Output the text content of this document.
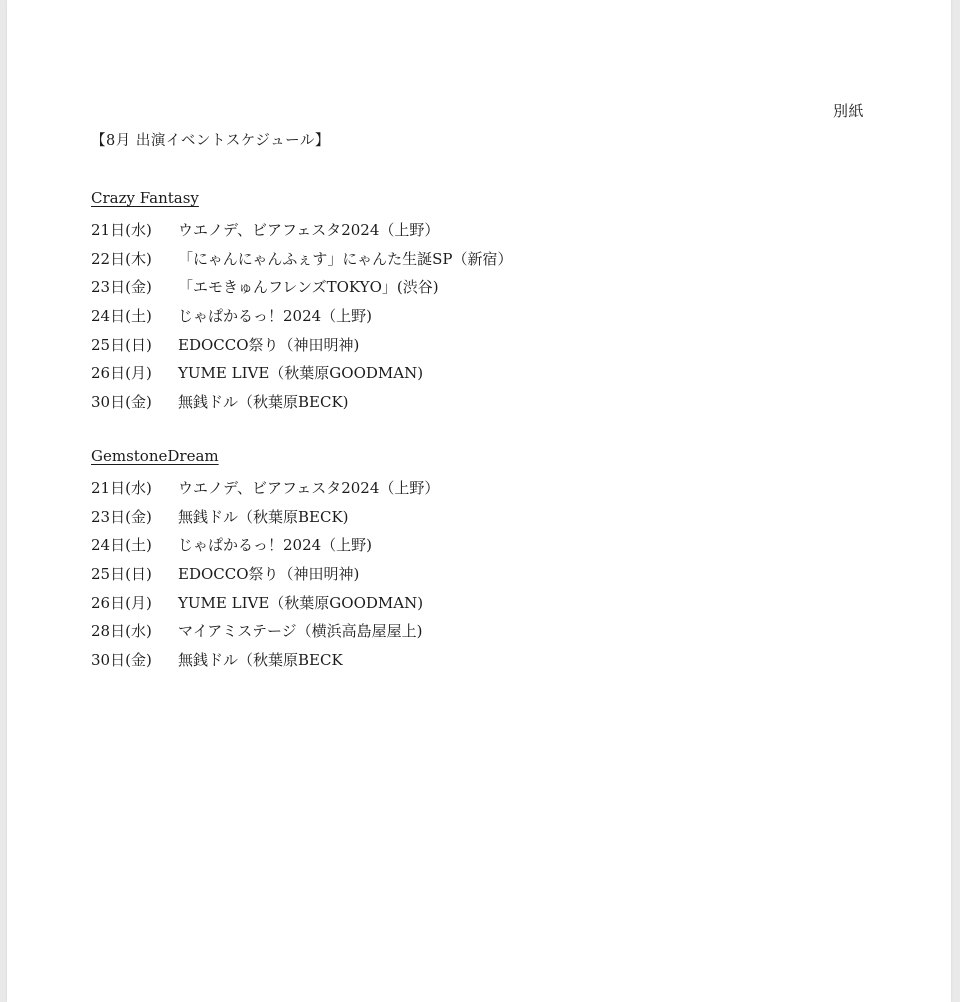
別紙
【8月 出演イベントスケジュール】
Crazy Fantasy
21日(水)	ウエノデ、ビアフェスタ2024（上野）
22日(木)	「にゃんにゃんふぇす」にゃんた生誕SP（新宿）
23日(金)	「エモきゅんフレンズTOKYO」(渋谷)
24日(土)	じゃぱかるっ！2024（上野)
25日(日)	EDOCCO祭り（神田明神)
26日(月)	YUME LIVE（秋葉原GOODMAN)
30日(金)	無銭ドル（秋葉原BECK)
GemstoneDream
21日(水)	ウエノデ、ビアフェスタ2024（上野）
23日(金)	無銭ドル（秋葉原BECK)
24日(土)	じゃぱかるっ！2024（上野)
25日(日)	EDOCCO祭り（神田明神)
26日(月)	YUME LIVE（秋葉原GOODMAN)
28日(水)	マイアミステージ（横浜高島屋屋上)
30日(金)	無銭ドル（秋葉原BECK
